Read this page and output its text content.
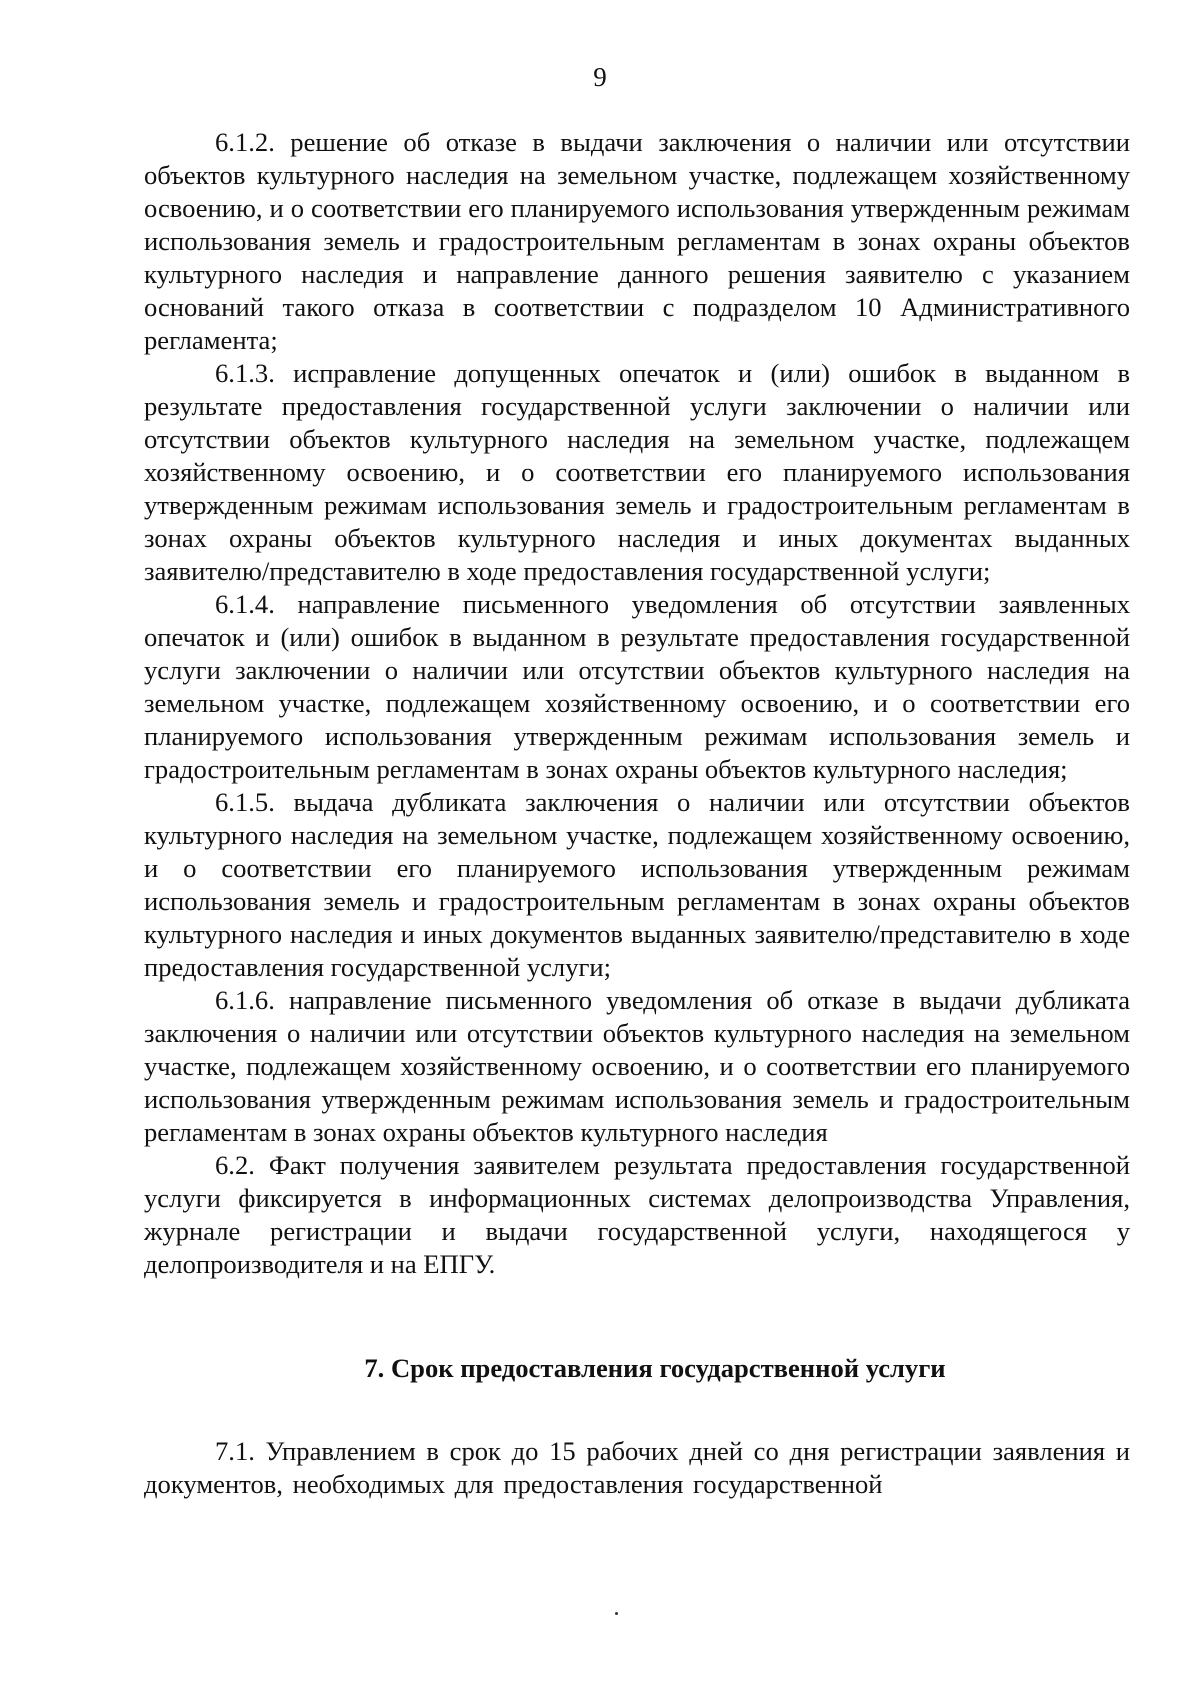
9

6.1.2. решение об отказе в выдачи заключения о наличии или отсутствии объектов культурного наследия на земельном участке, подлежащем хозяйственному освоению, и о соответствии его планируемого использования утвержденным режимам использования земель и градостроительным регламентам в зонах охраны объектов культурного наследия и направление данного решения заявителю с указанием оснований такого отказа в соответствии с подразделом 10 Административного регламента;

6.1.3. исправление допущенных опечаток и (или) ошибок в выданном в результате предоставления государственной услуги заключении о наличии или отсутствии объектов культурного наследия на земельном участке, подлежащем хозяйственному освоению, и о соответствии его планируемого использования утвержденным режимам использования земель и градостроительным регламентам в зонах охраны объектов культурного наследия и иных документах выданных заявителю/представителю в ходе предоставления государственной услуги;

6.1.4. направление письменного уведомления об отсутствии заявленных опечаток и (или) ошибок в выданном в результате предоставления государственной услуги заключении о наличии или отсутствии объектов культурного наследия на земельном участке, подлежащем хозяйственному освоению, и о соответствии его планируемого использования утвержденным режимам использования земель и градостроительным регламентам в зонах охраны объектов культурного наследия;

6.1.5. выдача дубликата заключения о наличии или отсутствии объектов культурного наследия на земельном участке, подлежащем хозяйственному освоению, и о соответствии его планируемого использования утвержденным режимам использования земель и градостроительным регламентам в зонах охраны объектов культурного наследия и иных документов выданных заявителю/представителю в ходе предоставления государственной услуги;

6.1.6. направление письменного уведомления об отказе в выдачи дубликата заключения о наличии или отсутствии объектов культурного наследия на земельном участке, подлежащем хозяйственному освоению, и о соответствии его планируемого использования утвержденным режимам использования земель и градостроительным регламентам в зонах охраны объектов культурного наследия

6.2. Факт получения заявителем результата предоставления государственной услуги фиксируется в информационных системах делопроизводства Управления, журнале регистрации и выдачи государственной услуги, находящегося у делопроизводителя и на ЕПГУ.

7. Срок предоставления государственной услуги

7.1. Управлением в срок до 15 рабочих дней со дня регистрации заявления и документов, необходимых для предоставления государственной
